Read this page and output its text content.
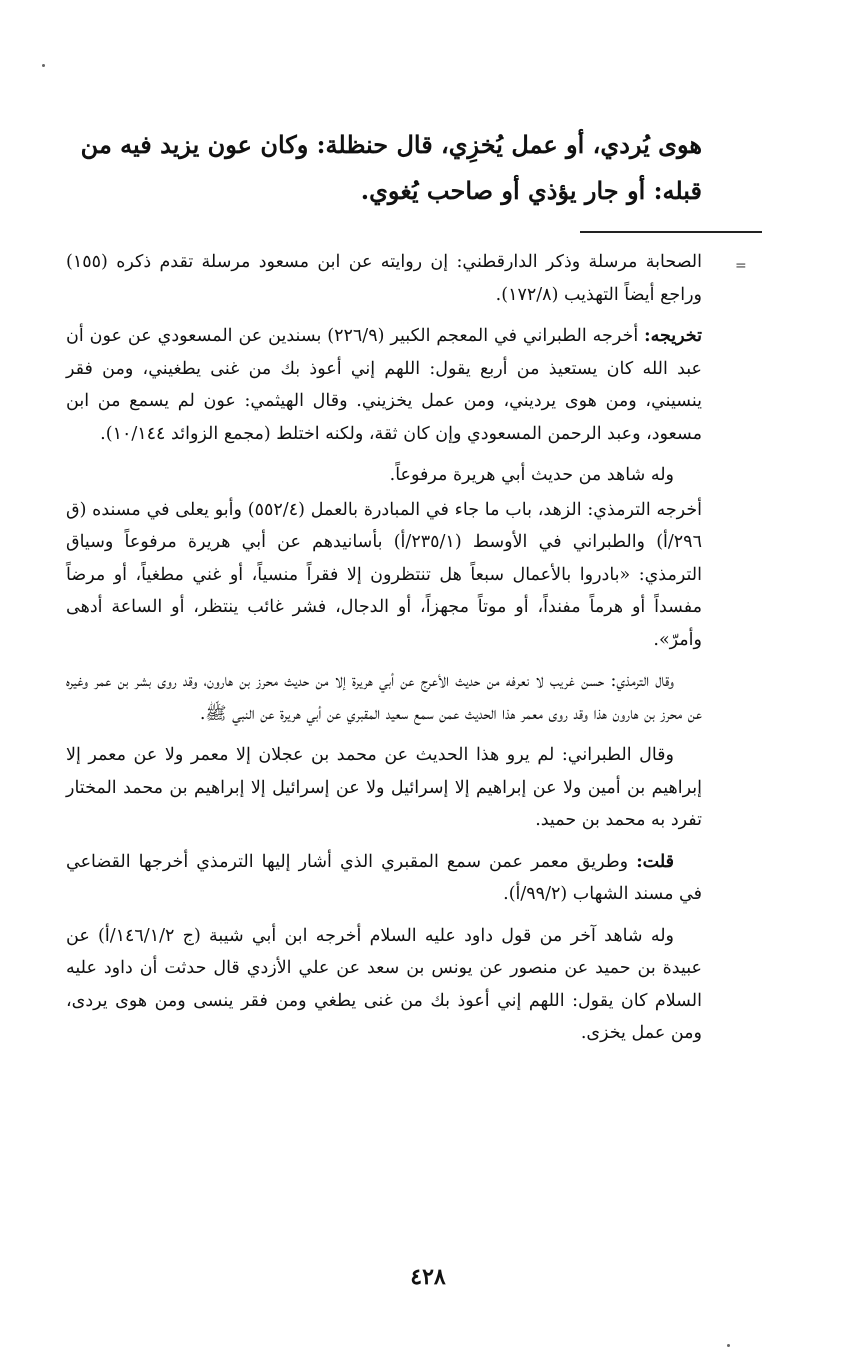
هوى يُردي، أو عمل يُخزِي، قال حنظلة: وكان عون يزيد فيه من

قبله: أو جار يؤذي أو صاحب يُغوي.

=

الصحابة مرسلة وذكر الدارقطني: إن روايته عن ابن مسعود مرسلة تقدم ذكره (١٥٥) وراجع أيضاً التهذيب (١٧٢/٨).

تخريجه: أخرجه الطبراني في المعجم الكبير (٢٢٦/٩) بسندين عن المسعودي عن عون أن عبد الله كان يستعيذ من أربع يقول: اللهم إني أعوذ بك من غنى يطغيني، ومن فقر ينسيني، ومن هوى يرديني، ومن عمل يخزيني. وقال الهيثمي: عون لم يسمع من ابن مسعود، وعبد الرحمن المسعودي وإن كان ثقة، ولكنه اختلط (مجمع الزوائد ١٠/١٤٤).

وله شاهد من حديث أبي هريرة مرفوعاً.

أخرجه الترمذي: الزهد، باب ما جاء في المبادرة بالعمل (٥٥٢/٤) وأبو يعلى في مسنده (ق ٢٩٦/أ) والطبراني في الأوسط (٢٣٥/١/أ) بأسانيدهم عن أبي هريرة مرفوعاً وسياق الترمذي: «بادروا بالأعمال سبعاً هل تنتظرون إلا فقراً منسياً، أو غني مطغياً، أو مرضاً مفسداً أو هرماً مفنداً، أو موتاً مجهزاً، أو الدجال، فشر غائب ينتظر، أو الساعة أدهى وأمرّ».

وقال الترمذي: حسن غريب لا نعرفه من حديث الأعرج عن أبي هريرة إلا من حديث محرز بن هارون، وقد روى بشر بن عمر وغيره عن محرز بن هارون هذا وقد روى معمر هذا الحديث عمن سمع سعيد المقبري عن أبي هريرة عن النبي ﷺ.

وقال الطبراني: لم يرو هذا الحديث عن محمد بن عجلان إلا معمر ولا عن معمر إلا إبراهيم بن أمين ولا عن إبراهيم إلا إسرائيل ولا عن إسرائيل إلا إبراهيم بن محمد المختار تفرد به محمد بن حميد.

قلت: وطريق معمر عمن سمع المقبري الذي أشار إليها الترمذي أخرجها القضاعي في مسند الشهاب (٩٩/٢/أ).

وله شاهد آخر من قول داود عليه السلام أخرجه ابن أبي شيبة (ج ١٤٦/١/٢/أ) عن عبيدة بن حميد عن منصور عن يونس بن سعد عن علي الأزدي قال حدثت أن داود عليه السلام كان يقول: اللهم إني أعوذ بك من غنى يطغي ومن فقر ينسى ومن هوى يردى، ومن عمل يخزى.

٤٢٨
